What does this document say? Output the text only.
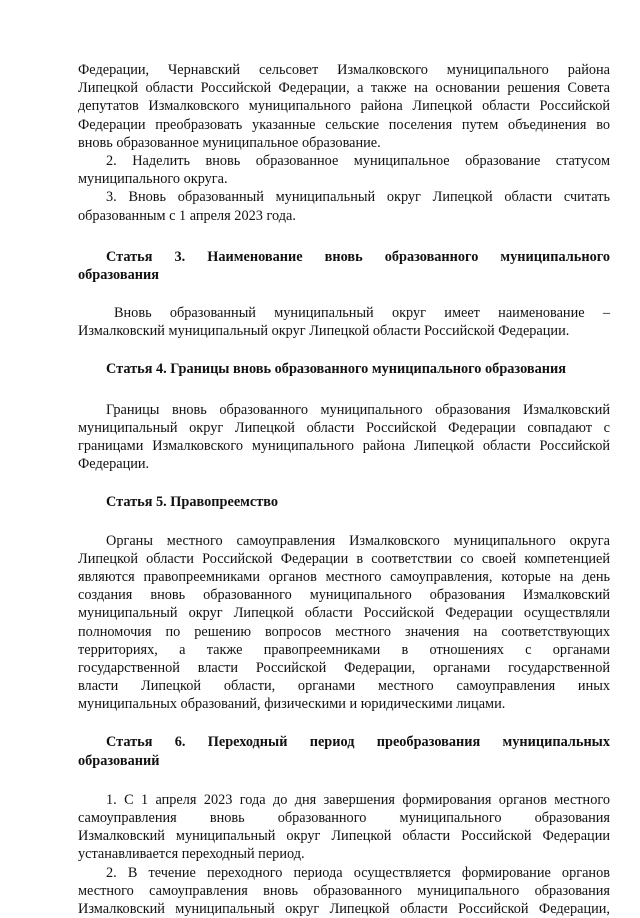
Федерации, Чернавский сельсовет Измалковского муниципального района
Липецкой области Российской Федерации, а также на основании решения Совета
депутатов Измалковского муниципального района Липецкой области Российской
Федерации преобразовать указанные сельские поселения путем объединения во
вновь образованное муниципальное образование.
2. Наделить вновь образованное муниципальное образование статусом
муниципального округа.
3. Вновь образованный муниципальный округ Липецкой области считать
образованным с 1 апреля 2023 года.
Статья 3. Наименование вновь образованного муниципального
образования
Вновь образованный муниципальный округ имеет наименование –
Измалковский муниципальный округ Липецкой области Российской Федерации.
Статья 4. Границы вновь образованного муниципального образования
Границы вновь образованного муниципального образования Измалковский
муниципальный округ Липецкой области Российской Федерации совпадают с
границами Измалковского муниципального района Липецкой области Российской
Федерации.
Статья 5. Правопреемство
Органы местного самоуправления Измалковского муниципального округа
Липецкой области Российской Федерации в соответствии со своей компетенцией
являются правопреемниками органов местного самоуправления, которые на день
создания вновь образованного муниципального образования Измалковский
муниципальный округ Липецкой области Российской Федерации осуществляли
полномочия по решению вопросов местного значения на соответствующих
территориях, а также правопреемниками в отношениях с органами
государственной власти Российской Федерации, органами государственной
власти Липецкой области, органами местного самоуправления иных
муниципальных образований, физическими и юридическими лицами.
Статья 6. Переходный период преобразования муниципальных
образований
1. С 1 апреля 2023 года до дня завершения формирования органов местного
самоуправления вновь образованного муниципального образования
Измалковский муниципальный округ Липецкой области Российской Федерации
устанавливается переходный период.
2. В течение переходного периода осуществляется формирование органов
местного самоуправления вновь образованного муниципального образования
Измалковский муниципальный округ Липецкой области Российской Федерации,
